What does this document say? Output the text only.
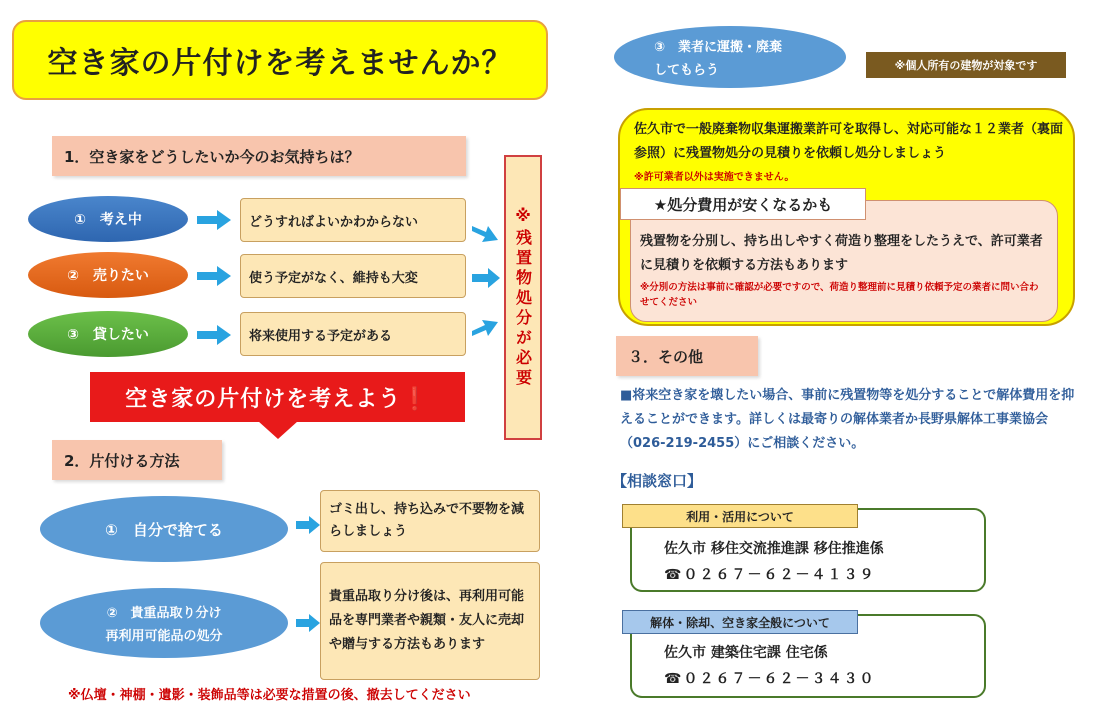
空き家の片付けを考えませんか？
1．空き家をどうしたいか今のお気持ちは？
①　考え中
②　売りたい
③　貸したい
どうすればよいかわからない
使う予定がなく、維持も大変
将来使用する予定がある	※残置物処分が必要
空き家の片付けを考えよう❗
2．片付ける方法
①　自分で捨てる
ゴミ出し、持ち込みで不要物を減らしましょう
②　貴重品取り分け
再利用可能品の処分
貴重品取り分け後は、再利用可能品を専門業者や親類・友人に売却や贈与する方法もあります
※仏壇・神棚・遺影・装飾品等は必要な措置の後、撤去してください
③　業者に運搬・廃棄
してもらう	※個人所有の建物が対象です
佐久市で一般廃棄物収集運搬業許可を取得し、対応可能な１２業者（裏面参照）に残置物処分の見積りを依頼し処分しましょう
※許可業者以外は実施できません。
★処分費用が安くなるかも
残置物を分別し、持ち出しやすく荷造り整理をしたうえで、許可業者に見積りを依頼する方法もあります
※分別の方法は事前に確認が必要ですので、荷造り整理前に見積り依頼予定の業者に問い合わせてください
３．その他
■将来空き家を壊したい場合、事前に残置物等を処分することで解体費用を抑えることができます。詳しくは最寄りの解体業者か長野県解体工事業協会（026-219-2455）にご相談ください。
【相談窓口】
利用・活用について
佐久市 移住交流推進課 移住推進係
☎０２６７－６２－４１３９
解体・除却、空き家全般について
佐久市 建築住宅課 住宅係
☎０２６７－６２－３４３０
